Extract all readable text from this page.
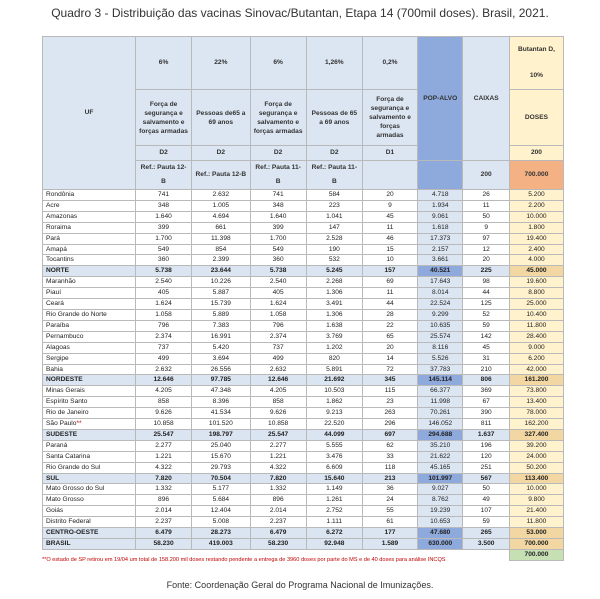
Quadro 3 - Distribuição das vacinas Sinovac/Butantan, Etapa 14 (700mil doses). Brasil, 2021.
UF	6%	22%	6%	1,26%	0,2%	POP-ALVO	CAIXAS	Butantan D, 10%
	Força de segurança e salvamento e forças armadas	Pessoas de65 a 69 anos	Força de segurança e salvamento e forças armadas	Pessoas de 65 a 69 anos	Força de segurança e salvamento e forças armadas			DOSES
	D2	D2	D2	D2	D1			200
	Ref.: Pauta 12-B	Ref.: Pauta 12-B	Ref.: Pauta 11-B	Ref.: Pauta 11-B			200	700.000
Rondônia	741	2.632	741	584	20	4.718	26	5.200
Acre	348	1.005	348	223	9	1.934	11	2.200
Amazonas	1.640	4.694	1.640	1.041	45	9.061	50	10.000
Roraima	399	661	399	147	11	1.618	9	1.800
Pará	1.700	11.398	1.700	2.528	46	17.373	97	19.400
Amapá	549	854	549	190	15	2.157	12	2.400
Tocantins	360	2.399	360	532	10	3.661	20	4.000
NORTE	5.738	23.644	5.738	5.245	157	40.521	225	45.000
Maranhão	2.540	10.226	2.540	2.268	69	17.643	98	19.600
Piauí	405	5.887	405	1.306	11	8.014	44	8.800
Ceará	1.624	15.739	1.624	3.491	44	22.524	125	25.000
Rio Grande do Norte	1.058	5.889	1.058	1.306	28	9.299	52	10.400
Paraíba	796	7.383	796	1.638	22	10.635	59	11.800
Pernambuco	2.374	16.991	2.374	3.769	65	25.574	142	28.400
Alagoas	737	5.420	737	1.202	20	8.116	45	9.000
Sergipe	499	3.694	499	820	14	5.526	31	6.200
Bahia	2.632	26.556	2.632	5.891	72	37.783	210	42.000
NORDESTE	12.646	97.785	12.646	21.692	345	145.114	806	161.200
Minas Gerais	4.205	47.348	4.205	10.503	115	66.377	369	73.800
Espírito Santo	858	8.396	858	1.862	23	11.998	67	13.400
Rio de Janeiro	9.626	41.534	9.626	9.213	263	70.261	390	78.000
São Paulo**	10.858	101.520	10.858	22.520	296	146.052	811	162.200
SUDESTE	25.547	198.797	25.547	44.099	697	294.688	1.637	327.400
Paraná	2.277	25.040	2.277	5.555	62	35.210	196	39.200
Santa Catarina	1.221	15.670	1.221	3.476	33	21.622	120	24.000
Rio Grande do Sul	4.322	29.793	4.322	6.609	118	45.165	251	50.200
SUL	7.820	70.504	7.820	15.640	213	101.997	567	113.400
Mato Grosso do Sul	1.332	5.177	1.332	1.149	36	9.027	50	10.000
Mato Grosso	896	5.684	896	1.261	24	8.762	49	9.800
Goiás	2.014	12.404	2.014	2.752	55	19.239	107	21.400
Distrito Federal	2.237	5.008	2.237	1.111	61	10.653	59	11.800
CENTRO-OESTE	6.479	28.273	6.479	6.272	177	47.680	265	53.000
BRASIL	58.230	419.003	58.230	92.948	1.589	630.000	3.500	700.000
								700.000
**O estado de SP retirou em 19/04 um total de 158.200 mil doses restando pendente a entrega de 3960 doses por parte do MS e de 40 doses para análise INCQS
Fonte: Coordenação Geral do Programa Nacional de Imunizações.
